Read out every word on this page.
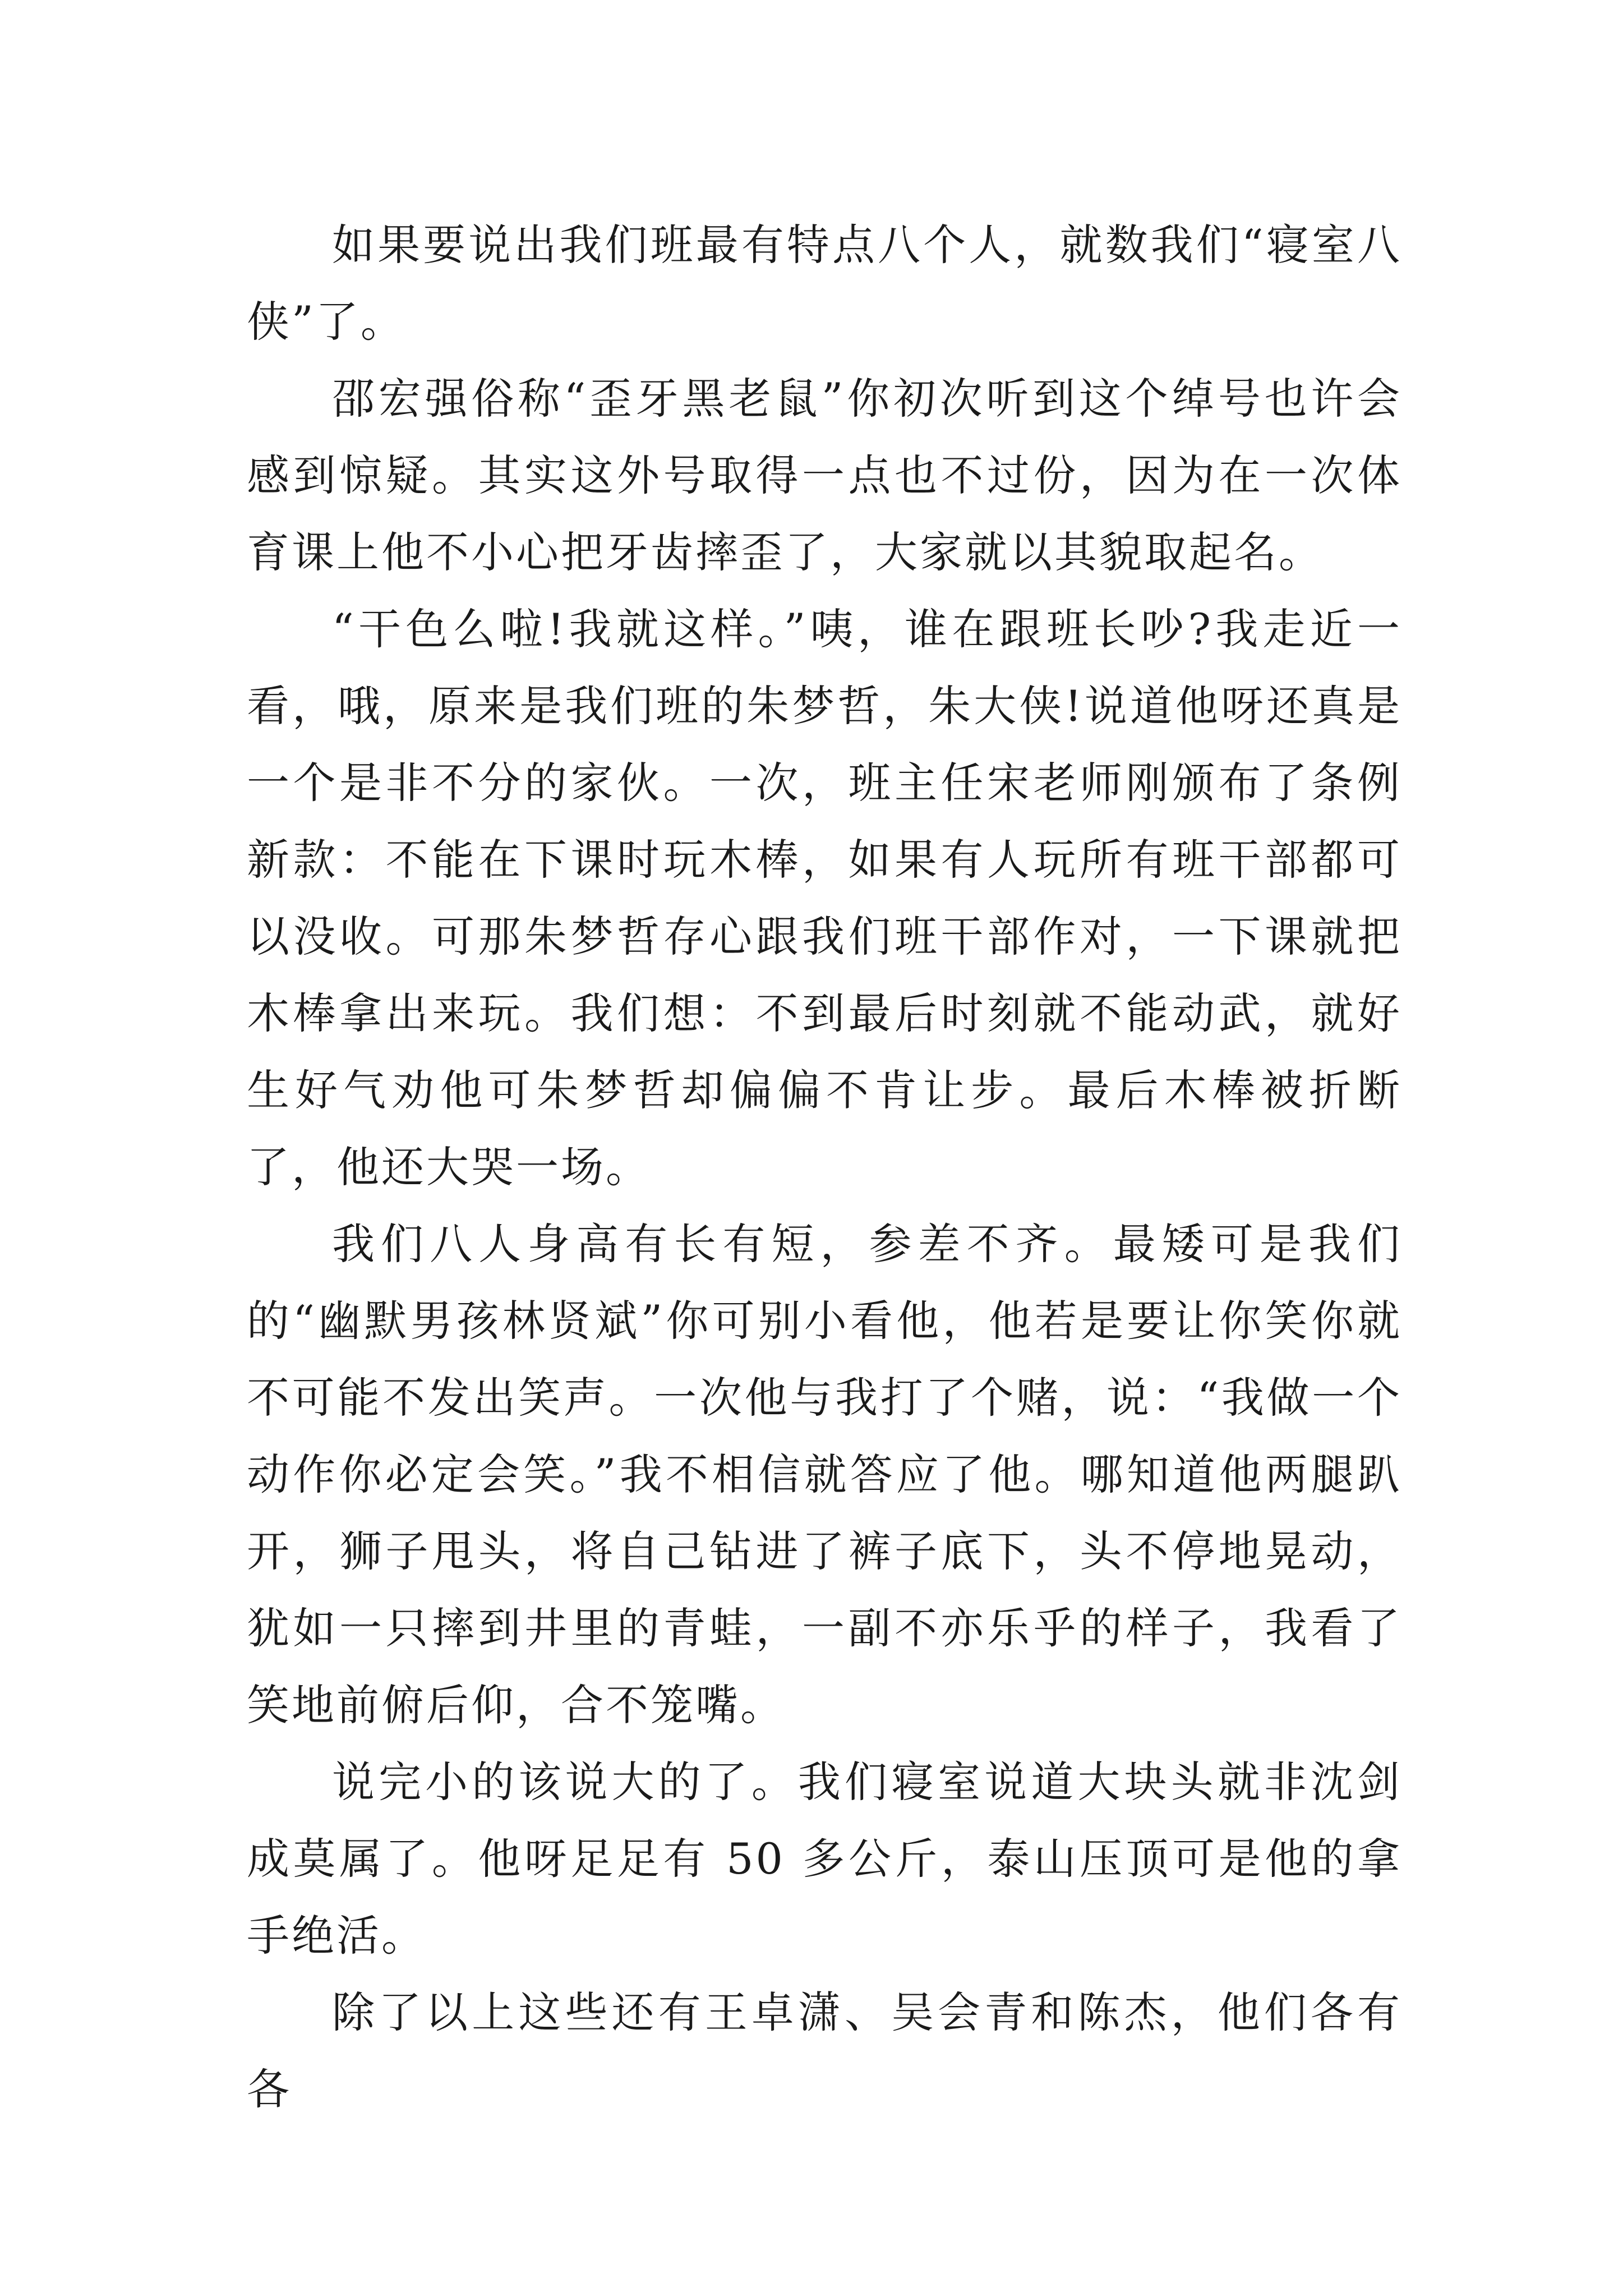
如果要说出我们班最有特点八个人，就数我们“寝室八侠”了。

邵宏强俗称“歪牙黑老鼠”你初次听到这个绰号也许会感到惊疑。其实这外号取得一点也不过份，因为在一次体育课上他不小心把牙齿摔歪了，大家就以其貌取起名。

“干色么啦!我就这样。”咦，谁在跟班长吵?我走近一看，哦，原来是我们班的朱梦哲，朱大侠!说道他呀还真是一个是非不分的家伙。一次，班主任宋老师刚颁布了条例新款：不能在下课时玩木棒，如果有人玩所有班干部都可以没收。可那朱梦哲存心跟我们班干部作对，一下课就把木棒拿出来玩。我们想：不到最后时刻就不能动武，就好生好气劝他可朱梦哲却偏偏不肯让步。最后木棒被折断了，他还大哭一场。

我们八人身高有长有短，参差不齐。最矮可是我们的“幽默男孩林贤斌”你可别小看他，他若是要让你笑你就不可能不发出笑声。一次他与我打了个赌，说：“我做一个动作你必定会笑。”我不相信就答应了他。哪知道他两腿趴开，狮子甩头，将自己钻进了裤子底下，头不停地晃动，犹如一只摔到井里的青蛙，一副不亦乐乎的样子，我看了笑地前俯后仰，合不笼嘴。

说完小的该说大的了。我们寝室说道大块头就非沈剑成莫属了。他呀足足有 50 多公斤，泰山压顶可是他的拿手绝活。

除了以上这些还有王卓潇、吴会青和陈杰，他们各有各
